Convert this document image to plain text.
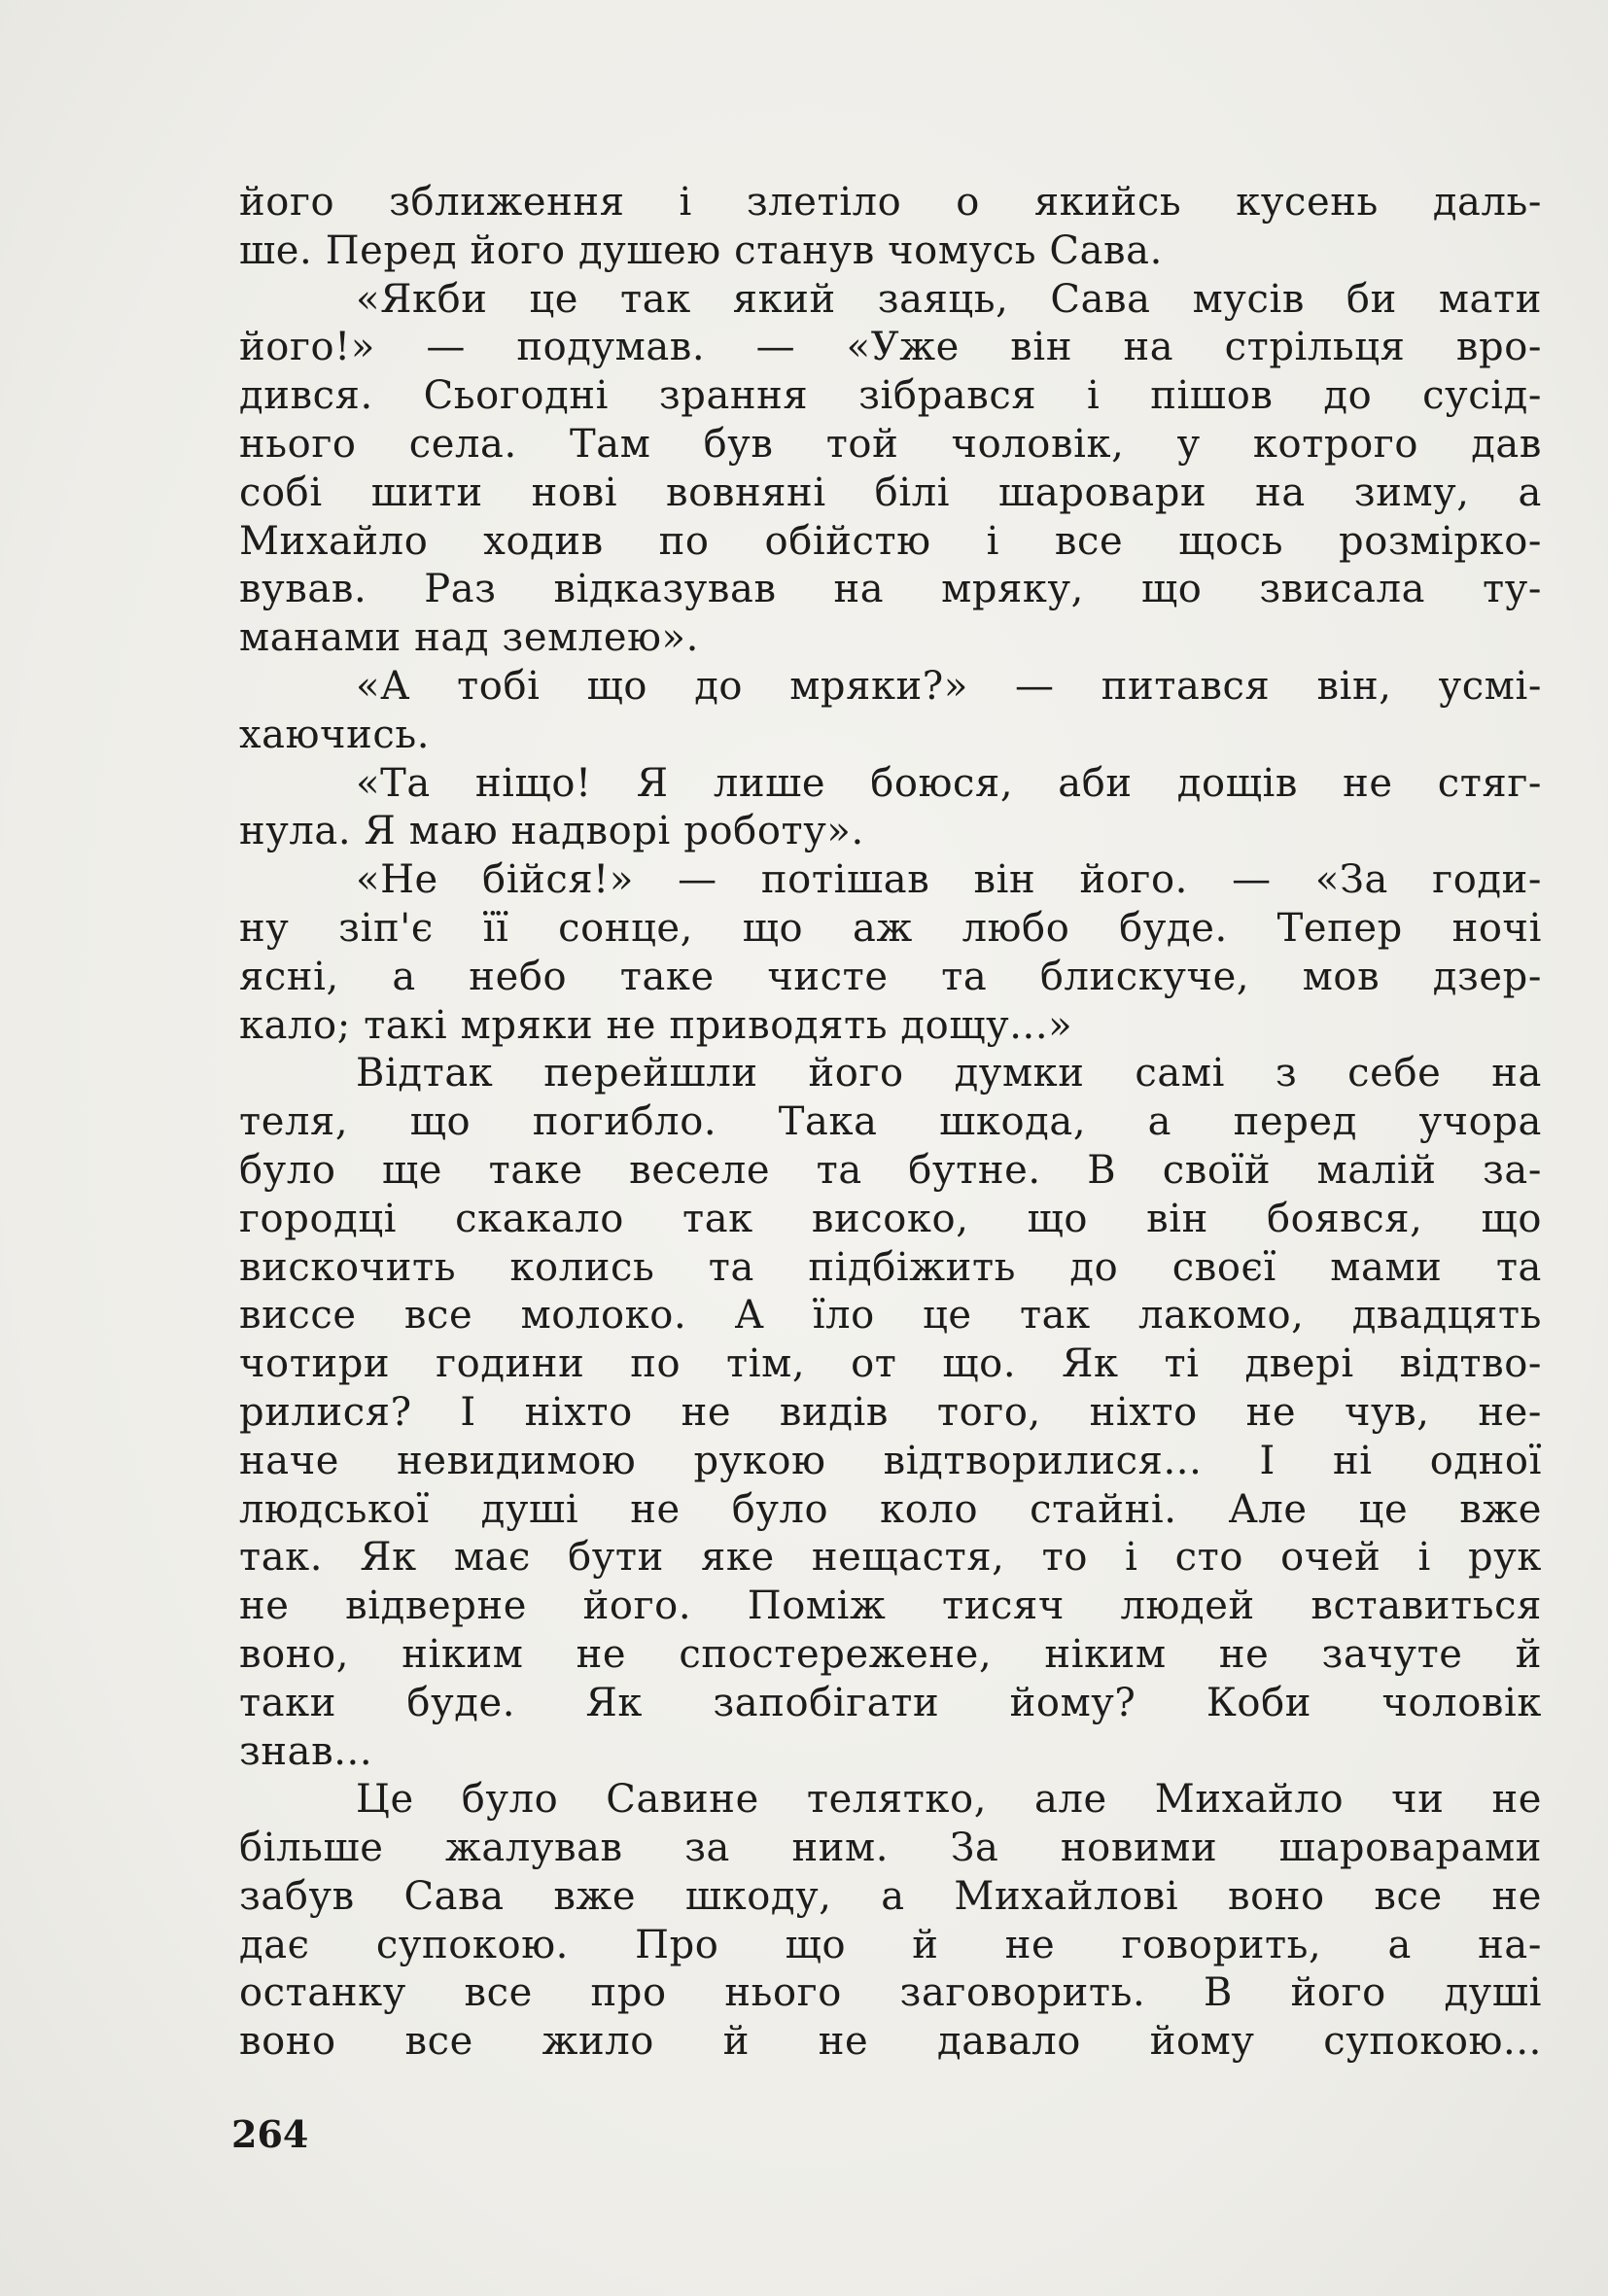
його зближення і злетіло о якийсь кусень даль-
ше. Перед його душею станув чомусь Сава.
«Якби це так який заяць, Сава мусів би мати
його!» — подумав. — «Уже він на стрільця вро-
дився. Сьогодні зрання зібрався і пішов до сусід-
нього села. Там був той чоловік, у котрого дав
собі шити нові вовняні білі шаровари на зиму, а
Михайло ходив по обійстю і все щось розмірко-
вував. Раз відказував на мряку, що звисала ту-
манами над землею».
«А тобі що до мряки?» — питався він, усмі-
хаючись.
«Та ніщо! Я лише боюся, аби дощів не стяг-
нула. Я маю надворі роботу».
«Не бійся!» — потішав він його. — «За годи-
ну зіп'є її сонце, що аж любо буде. Тепер ночі
ясні, а небо таке чисте та блискуче, мов дзер-
кало; такі мряки не приводять дощу...»
Відтак перейшли його думки самі з себе на
теля, що погибло. Така шкода, а перед учора
було ще таке веселе та бутне. В своїй малій за-
городці скакало так високо, що він боявся, що
вискочить колись та підбіжить до своєї мами та
виссе все молоко. А їло це так лакомо, двадцять
чотири години по тім, от що. Як ті двері відтво-
рилися? І ніхто не видів того, ніхто не чув, не-
наче невидимою рукою відтворилися... І ні одної
людської душі не було коло стайні. Але це вже
так. Як має бути яке нещастя, то і сто очей і рук
не відверне його. Поміж тисяч людей вставиться
воно, ніким не спостережене, ніким не зачуте й
таки буде. Як запобігати йому? Коби чоловік
знав...
Це було Савине телятко, але Михайло чи не
більше жалував за ним. За новими шароварами
забув Сава вже шкоду, а Михайлові воно все не
дає супокою. Про що й не говорить, а на-
останку все про нього заговорить. В його душі
воно все жило й не давало йому супокою...
264
